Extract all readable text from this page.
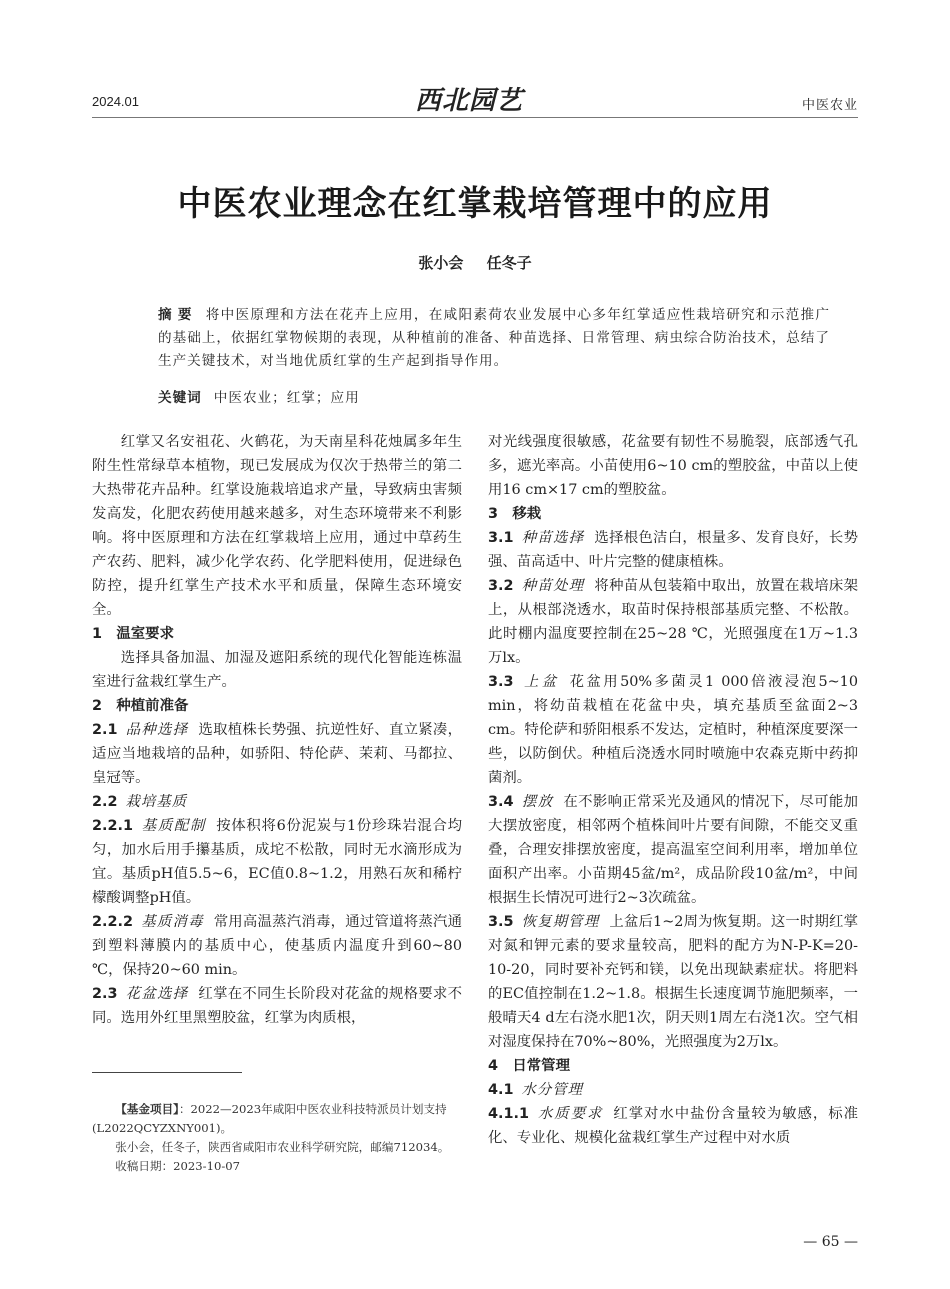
2024.01	西北园艺	中医农业
中医农业理念在红掌栽培管理中的应用
张小会 任冬子
摘要 将中医原理和方法在花卉上应用，在咸阳素荷农业发展中心多年红掌适应性栽培研究和示范推广的基础上，依据红掌物候期的表现，从种植前的准备、种苗选择、日常管理、病虫综合防治技术，总结了生产关键技术，对当地优质红掌的生产起到指导作用。
关键词 中医农业；红掌；应用

红掌又名安祖花、火鹤花，为天南星科花烛属多年生附生性常绿草本植物，现已发展成为仅次于热带兰的第二大热带花卉品种。红掌设施栽培追求产量，导致病虫害频发高发，化肥农药使用越来越多，对生态环境带来不利影响。将中医原理和方法在红掌栽培上应用，通过中草药生产农药、肥料，减少化学农药、化学肥料使用，促进绿色防控，提升红掌生产技术水平和质量，保障生态环境安全。

1　温室要求

选择具备加温、加湿及遮阳系统的现代化智能连栋温室进行盆栽红掌生产。

2　种植前准备

2.1 品种选择 选取植株长势强、抗逆性好、直立紧凑，适应当地栽培的品种，如骄阳、特伦萨、茉莉、马都拉、皇冠等。

2.2 栽培基质

2.2.1 基质配制 按体积将6份泥炭与1份珍珠岩混合均匀，加水后用手攥基质，成坨不松散，同时无水滴形成为宜。基质pH值5.5~6，EC值0.8~1.2，用熟石灰和稀柠檬酸调整pH值。

2.2.2 基质消毒 常用高温蒸汽消毒，通过管道将蒸汽通到塑料薄膜内的基质中心，使基质内温度升到60~80 ℃，保持20~60 min。

2.3 花盆选择 红掌在不同生长阶段对花盆的规格要求不同。选用外红里黑塑胶盆，红掌为肉质根，

对光线强度很敏感，花盆要有韧性不易脆裂，底部透气孔多，遮光率高。小苗使用6~10 cm的塑胶盆，中苗以上使用16 cm×17 cm的塑胶盆。

3　移栽

3.1 种苗选择 选择根色洁白，根量多、发育良好，长势强、苗高适中、叶片完整的健康植株。

3.2 种苗处理 将种苗从包装箱中取出，放置在栽培床架上，从根部浇透水，取苗时保持根部基质完整、不松散。此时棚内温度要控制在25~28 ℃，光照强度在1万~1.3万lx。

3.3 上盆 花盆用50%多菌灵1 000倍液浸泡5~10 min，将幼苗栽植在花盆中央，填充基质至盆面2~3 cm。特伦萨和骄阳根系不发达，定植时，种植深度要深一些，以防倒伏。种植后浇透水同时喷施中农森克斯中药抑菌剂。

3.4 摆放 在不影响正常采光及通风的情况下，尽可能加大摆放密度，相邻两个植株间叶片要有间隙，不能交叉重叠，合理安排摆放密度，提高温室空间利用率，增加单位面积产出率。小苗期45盆/m²，成品阶段10盆/m²，中间根据生长情况可进行2~3次疏盆。

3.5 恢复期管理 上盆后1~2周为恢复期。这一时期红掌对氮和钾元素的要求量较高，肥料的配方为N-P-K=20-10-20，同时要补充钙和镁，以免出现缺素症状。将肥料的EC值控制在1.2~1.8。根据生长速度调节施肥频率，一般晴天4 d左右浇水肥1次，阴天则1周左右浇1次。空气相对湿度保持在70%~80%，光照强度为2万lx。

4　日常管理

4.1 水分管理

4.1.1 水质要求 红掌对水中盐份含量较为敏感，标准化、专业化、规模化盆栽红掌生产过程中对水质

【基金项目】：2022—2023年咸阳中医农业科技特派员计划支持(L2022QCYZXNY001)。

张小会，任冬子，陕西省咸阳市农业科学研究院，邮编712034。

收稿日期：2023-10-07

— 65 —
